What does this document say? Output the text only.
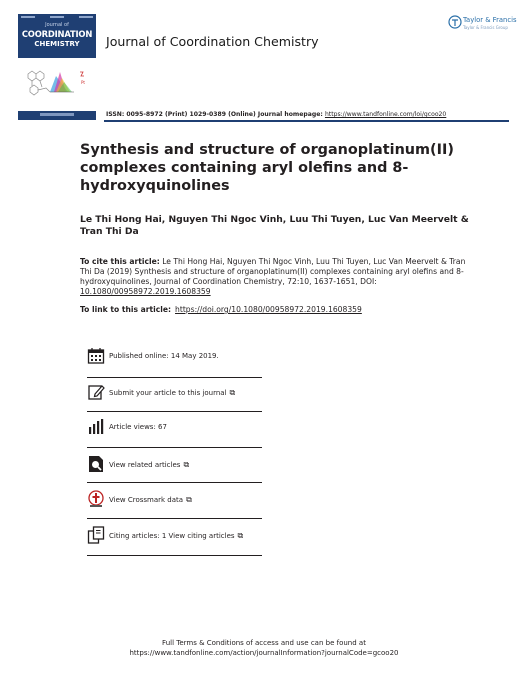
Journal of
COORDINATION
CHEMISTRY	Journal of Coordination Chemistry
Taylor & Francis
Taylor & Francis Group
Pt
ISSN: 0095-8972 (Print) 1029-0389 (Online) Journal homepage: https://www.tandfonline.com/loi/gcoo20
Synthesis and structure of organoplatinum(II) complexes containing aryl olefins and 8-hydroxyquinolines
Le Thi Hong Hai, Nguyen Thi Ngoc Vinh, Luu Thi Tuyen, Luc Van Meervelt & Tran Thi Da
To cite this article: Le Thi Hong Hai, Nguyen Thi Ngoc Vinh, Luu Thi Tuyen, Luc Van Meervelt & Tran Thi Da (2019) Synthesis and structure of organoplatinum(II) complexes containing aryl olefins and 8-hydroxyquinolines, Journal of Coordination Chemistry, 72:10, 1637-1651, DOI: 10.1080/00958972.2019.1608359
To link to this article: https://doi.org/10.1080/00958972.2019.1608359
Published online: 14 May 2019.
Submit your article to this journal ⧉
Article views: 67
View related articles ⧉
View Crossmark data ⧉
Citing articles: 1 View citing articles ⧉
Full Terms & Conditions of access and use can be found at
https://www.tandfonline.com/action/journalInformation?journalCode=gcoo20
